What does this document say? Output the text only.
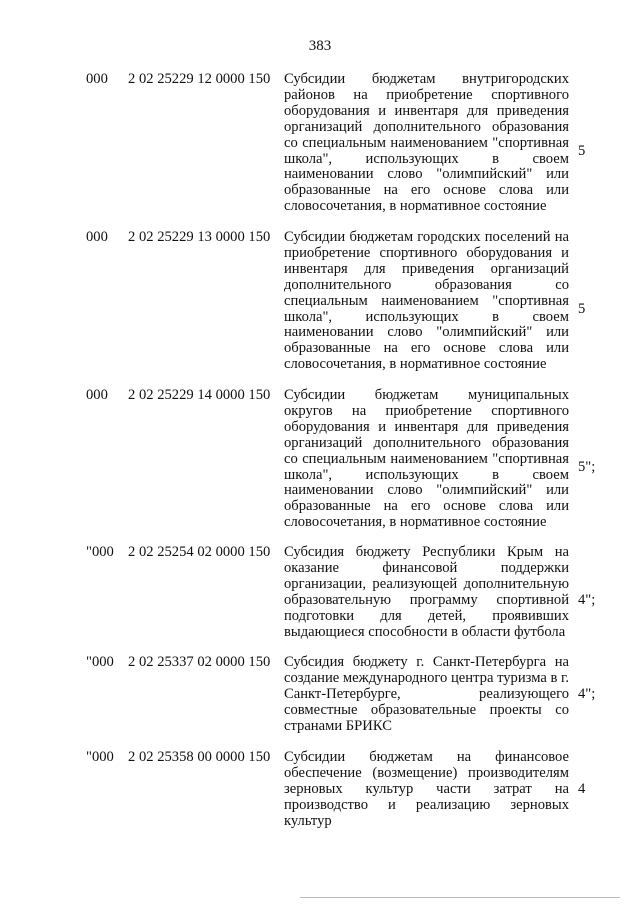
383
000 2 02 25229 12 0000 150 Субсидии бюджетам внутригородских районов на приобретение спортивного оборудования и инвентаря для приведения организаций дополнительного образования со специальным наименованием "спортивная школа", использующих в своем наименовании слово "олимпийский" или образованные на его основе слова или словосочетания, в нормативное состояние
5
000 2 02 25229 13 0000 150 Субсидии бюджетам городских поселений на приобретение спортивного оборудования и инвентаря для приведения организаций дополнительного образования со специальным наименованием "спортивная школа", использующих в своем наименовании слово "олимпийский" или образованные на его основе слова или словосочетания, в нормативное состояние
5
000 2 02 25229 14 0000 150 Субсидии бюджетам муниципальных округов на приобретение спортивного оборудования и инвентаря для приведения организаций дополнительного образования со специальным наименованием "спортивная школа", использующих в своем наименовании слово "олимпийский" или образованные на его основе слова или словосочетания, в нормативное состояние
5";
"000 2 02 25254 02 0000 150 Субсидия бюджету Республики Крым на оказание финансовой поддержки организации, реализующей дополнительную образовательную программу спортивной подготовки для детей, проявивших выдающиеся способности в области футбола
4";
"000 2 02 25337 02 0000 150 Субсидия бюджету г. Санкт-Петербурга на создание международного центра туризма в г. Санкт-Петербурге, реализующего совместные образовательные проекты со странами БРИКС
4";
"000 2 02 25358 00 0000 150 Субсидии бюджетам на финансовое обеспечение (возмещение) производителям зерновых культур части затрат на производство и реализацию зерновых культур
4
